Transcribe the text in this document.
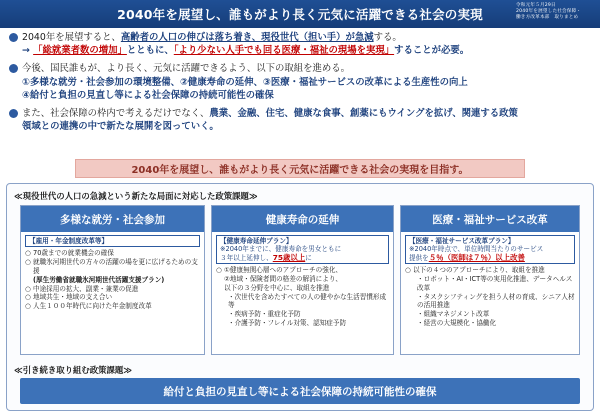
2040年を展望し、誰もがより長く元気に活躍できる社会の実現
令和元年５月29日
2040年を展望した社会保障・
働き方改革本部　取りまとめ
2040年を展望すると、高齢者の人口の伸びは落ち着き、現役世代（担い手）が急減する。
→ 「総就業者数の増加」とともに、「より少ない人手でも回る医療・福祉の現場を実現」することが必要。
今後、国民誰もが、より長く、元気に活躍できるよう、以下の取組を進める。
①多様な就労・社会参加の環境整備、②健康寿命の延伸、③医療・福祉サービスの改革による生産性の向上
④給付と負担の見直し等による社会保障の持続可能性の確保
また、社会保障の枠内で考えるだけでなく、農業、金融、住宅、健康な食事、創薬にもウイングを拡げ、関連する政策
領域との連携の中で新たな展開を図っていく。
2040年を展望し、誰もがより長く元気に活躍できる社会の実現を目指す。
≪現役世代の人口の急減という新たな局面に対応した政策課題≫
多様な就労・社会参加
【雇用・年金制度改革等】
○ 70歳までの就業機会の確保
○ 就職氷河期世代の方々の活躍の場を更に広げるための支援
(厚生労働省就職氷河期世代活躍支援プラン)
○ 中途採用の拡大、副業・兼業の促進
○ 地域共生・地域の支え合い
○ 人生１００年時代に向けた年金制度改革
健康寿命の延伸
【健康寿命延伸プラン】
※2040年までに、健康寿命を男女ともに
３年以上延伸し、75歳以上に
○ ①健康無関心層へのアプローチの強化、
②地域・保険者間の格差の解消により、
以下の３分野を中心に、取組を推進
・次世代を含めたすべての人の健やかな生活習慣形成等
・疾病予防・重症化予防
・介護予防・フレイル対策、認知症予防
医療・福祉サービス改革
【医療・福祉サービス改革プラン】
※2040年時点で、単位時間当たりのサービス
提供を５％（医師は７％）以上改善
○ 以下の４つのアプローチにより、取組を推進
・ロボット・AI・ICT等の実用化推進、データヘルス改革
・タスクシフティングを担う人材の育成、シニア人材の活用推進
・組織マネジメント改革
・経営の大規模化・協働化
≪引き続き取り組む政策課題≫
給付と負担の見直し等による社会保障の持続可能性の確保
